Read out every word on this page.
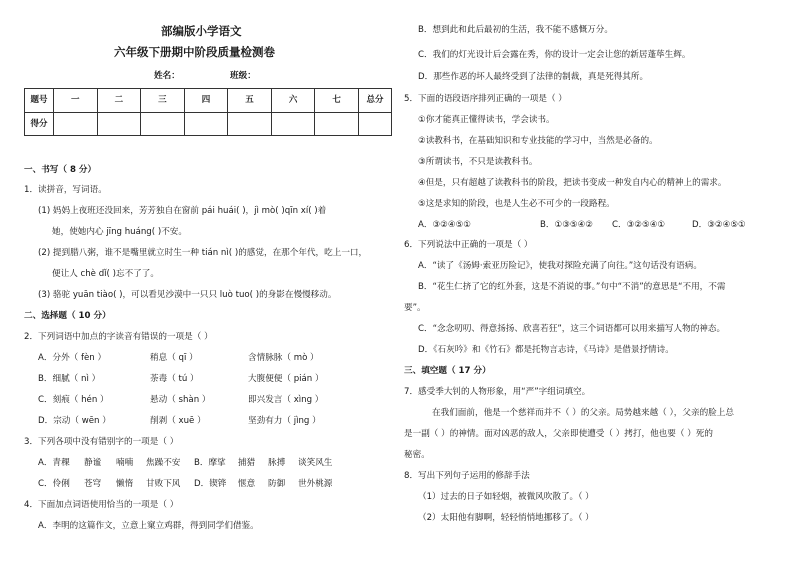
部编版小学语文
六年级下册期中阶段质量检测卷
姓名：	班级：
题号	一	二	三	四	五	六	七	总分
得分								
一、书写（ 8 分）
1．读拼音，写词语。
(1) 妈妈上夜班还没回来，芳芳独自在窗前 pái huái( )，jì mò( )qīn xí( )着
她，使她内心 jīng huáng( )不安。
(2) 提到腊八粥，谁不是嘴里就立时生一种 tián nì( )的感觉，在那个年代，吃上一口，
便让人 chè dǐ( )忘不了了。
(3) 骆驼 yuān tiào( )，可以看见沙漠中一只只 luò tuo( )的身影在慢慢移动。
二、选择题（ 10 分）
2．下列词语中加点的字读音有错误的一项是（ ）
A．分外（ fèn ）	稍息（ qī ）	含情脉脉（ mò ）
B．细腻（ nì ）	荼毒（ tú ）	大腹便便（ pián ）
C．刻痕（ hén ）	悬动（ shàn ）	即兴发言（ xìng ）
D．宗动（ wēn ）	削剥（ xuē ）	坚劲有力（ jìng ）
3．下列各项中没有错别字的一项是（ ）
A．青稞 静谧 喃喃 焦躁不安 B．摩挲 捕猎 脉搏 谈笑风生
C．伶俐 苍穹 懒惰 甘败下风 D．锲铧 惬意 防御 世外桃源
4．下面加点词语使用恰当的一项是（ ）
A．李明的这篇作文，立意上窠立鸡群，得到同学们借鉴。
B．想到此和此后最初的生活，我不能不感慨万分。
C．我们的灯光设计后会露在秀，你的设计一定会让您的新居蓬荜生辉。
D．那些作恶的坏人最终受到了法律的制裁，真是死得其所。
5．下面的语段语序排列正确的一项是（ ）
①你才能真正懂得读书，学会读书。
②读教科书，在基础知识和专业技能的学习中，当然是必备的。
③所谓读书，不只是读教科书。
④但是，只有超越了读教科书的阶段，把读书变成一种发自内心的精神上的需求。
⑤这是求知的阶段，也是人生必不可少的一段路程。
A．③②④⑤①	B．①③⑤④② C．③②⑤④①	D．③②④⑤①
6．下列说法中正确的一项是（ ）
A．“读了《汤姆·索亚历险记》，使我对探险充满了向往。”这句话没有语病。
B．“花生仁挤了它的红外套，这是不消说的事。”句中“不消”的意思是“不用，不需
要”。
C．“念念叨叨、得意扬扬、欣喜若狂”，这三个词语都可以用来描写人物的神态。
D．《石灰吟》和《竹石》都是托物言志诗，《马诗》是借景抒情诗。
三、填空题（ 17 分）
7．感受季大钊的人物形象，用“严”字组词填空。
在我们面前，他是一个慈祥而并不（ ）的父亲。局势越来越（ ），父亲的脸上总
是一副（ ）的神情。面对凶恶的敌人，父亲即使遭受（ ）拷打，他也要（ ）死的
秘密。
8．写出下列句子运用的修辞手法
（1）过去的日子如轻烟，被微风吹散了。（ ）
（2）太阳他有脚啊，轻轻悄悄地挪移了。（ ）
